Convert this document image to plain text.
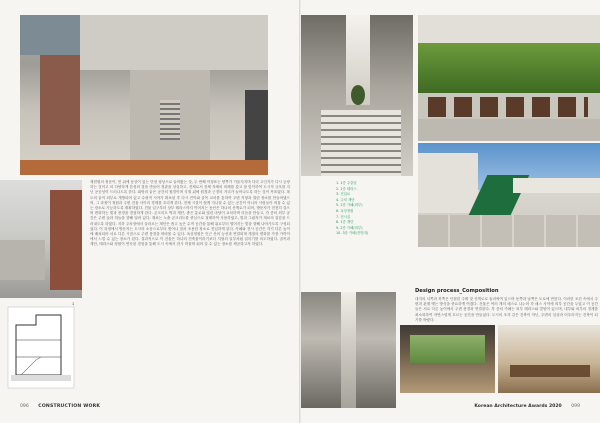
1
제현원의 정문이, 먼 위에 동상이 있는 단청 형상으로 들어왔는 것, 두 번째 이정표는 양쪽가 거울지지며 다리 고인지가 다시 등장하는 것이고 의 다양하게 본성의 점을 만들어 경관을 상실하고, 전체로서 전체 자체의 비례를 갖고 잘 맞이하여 도시적 규모를 지닌 공공성이 드러나도록 한다. 회랑의 끝은 공간의 원경이며 식재 위에 원경과 근경의 거리가 늘어나도록 하는 것이 목표였다. 복도의 끝이 외부로 개방되어 있고 수평적 시야가 확보된 후 다시 전이와 골목 교차를 통하여 주변 지형과 열린 장소를 만들어냈으며, 그 과정이 정원과 주변 건물 사이의 경계를 흐리게 한다. 전체 시설이 쉽게 지나칠 수 있는 공간이 아니라 사람들이 머물 수 있는 장소로 기능하도록 계획하였다. 건물 입구부터 상부 테라스까지 이어지는 동선은 하나의 산책로가 되어, 방문자가 천천히 걸으며 변화하는 빛과 풍경을 경험하게 한다. 콘크리트 벽과 계단, 좁은 통로와 열린 마당이 교차하며 리듬을 만들고, 각 층의 외부 공간은 주변 숲과 하늘을 향해 열려 있다. 재료는 노출 콘크리트를 중심으로 절제하여 사용하였고, 빛과 그림자가 재료의 질감을 드러내도록 하였다. 지하 주차장에서 올라오는 계단은 좁고 높은 수직 공간을 통해 위로부터 떨어지는 빛을 향해 나아가도록 구성되었다. 이 과정에서 방문자는 도시의 소음으로부터 벗어나 점차 조용한 장소로 진입하게 된다. 카페와 전시 공간은 각기 다른 높이에 배치되어 서로 다른 시점으로 주변 풍경을 바라볼 수 있다. 옥상정원은 인근 산의 능선과 연결되며 계절의 변화를 가장 가까이에서 느낄 수 있는 장소가 된다. 결과적으로 이 건물은 하나의 건축물이라기보다 지형의 일부처럼 읽히기를 의도하였다. 골목과 계단, 테라스와 정원이 연속된 경험을 통해 도시 속에서 잠시 머물며 쉬어 갈 수 있는 장소를 제공하고자 하였다.
096 CONSTRUCTION WORK
1. 1층 주출입
2. 1층 테라스
3. 진입로
4. 주차 계단
5. 2층 카페(외부)
6. 옥상정원
7. 전시실
8. 1층 계단
9. 2층 카페(외부)
10. 3층 카페(전망대)
Design process_Composition
대지의 서쪽과 북쪽은 인접한 주택 및 산책로로 둘러싸여 있으며 동쪽과 남쪽은 도로에 면한다. 이러한 조건 속에서 주변과 관계 맺는 방식을 중요하게 여겼다. 건물은 여러 개의 매스로 나누어 각 매스 사이에 외부 공간을 두었고 이 공간들은 서로 다른 높이에서 주변 풍경과 연결된다. 각 층의 카페는 외부 테라스와 맞닿아 있으며, 내부와 외부의 경계를 최소화하여 자연스럽게 흐르는 공간을 만들었다. 도시의 조각 같은 건축이 아닌, 주변의 일상과 어우러지는 건축이 되기를 바랐다.
Korean Architecture Awards 2020 099
